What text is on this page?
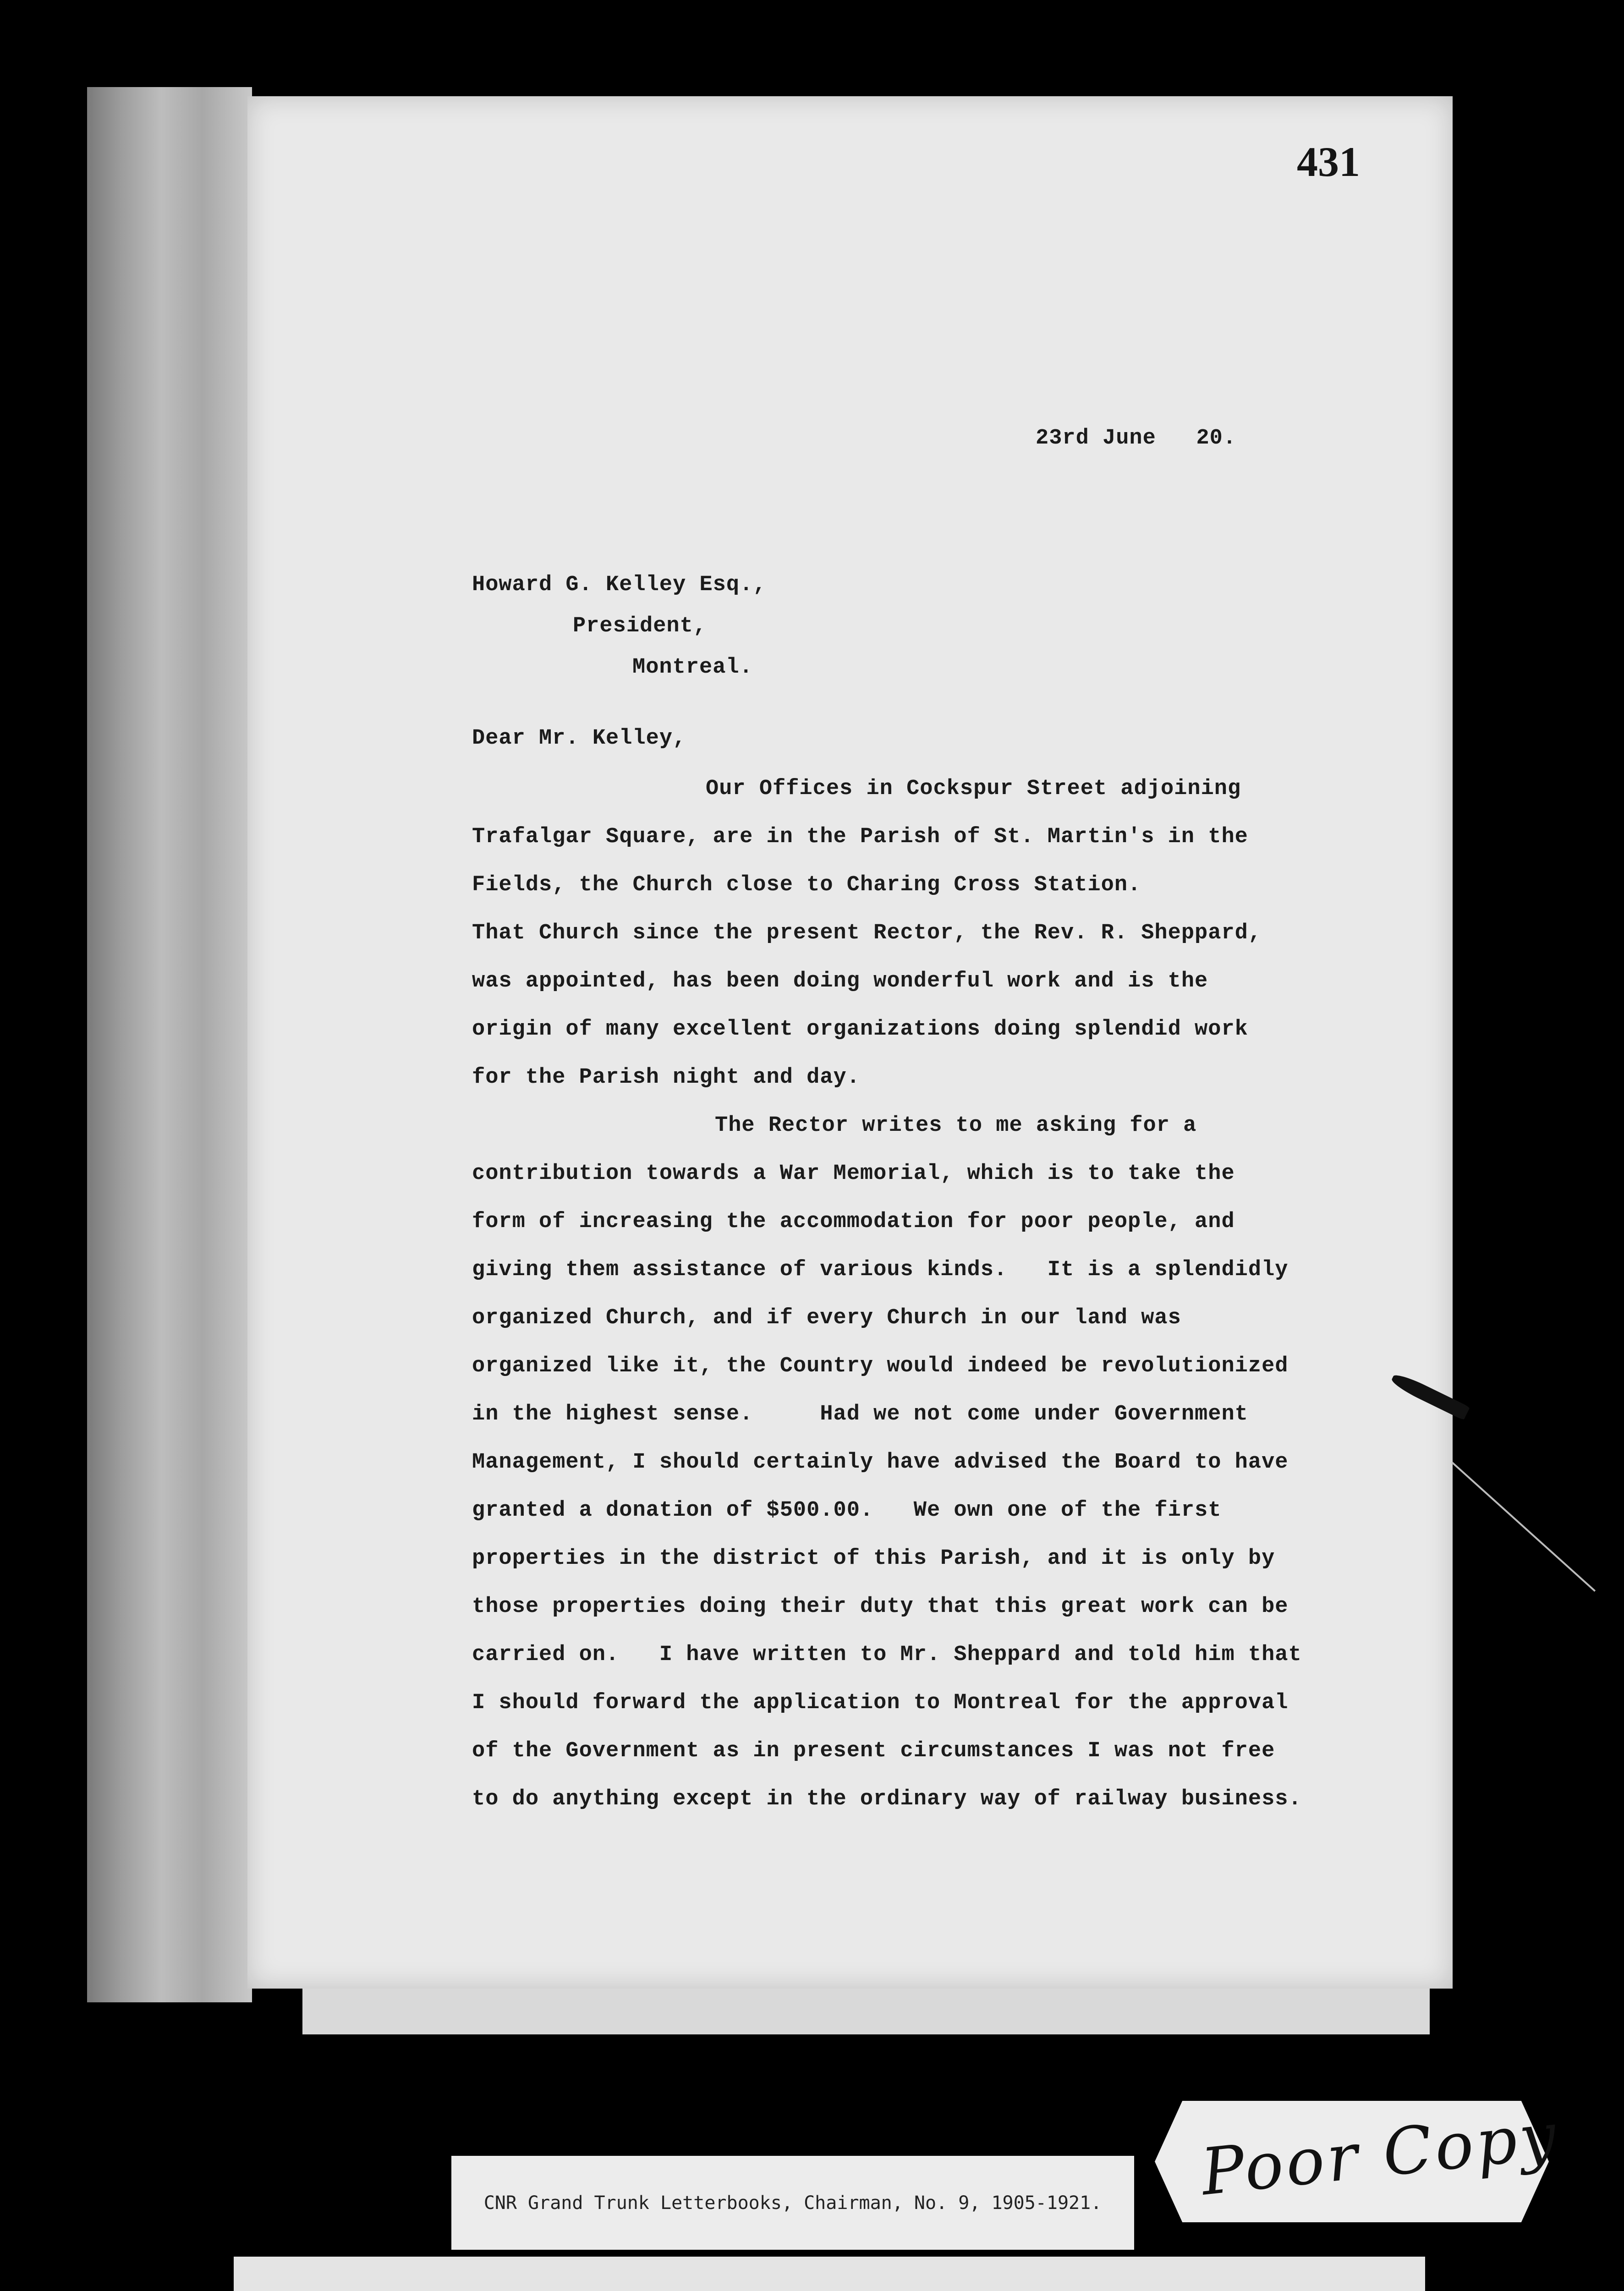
431
23rd June   20.
Howard G. Kelley Esq.,
President,
Montreal.
Dear Mr. Kelley,
Our Offices in Cockspur Street adjoining
Trafalgar Square, are in the Parish of St. Martin's in the
Fields, the Church close to Charing Cross Station.
That Church since the present Rector, the Rev. R. Sheppard,
was appointed, has been doing wonderful work and is the
origin of many excellent organizations doing splendid work
for the Parish night and day.
The Rector writes to me asking for a
contribution towards a War Memorial, which is to take the
form of increasing the accommodation for poor people, and
giving them assistance of various kinds.   It is a splendidly
organized Church, and if every Church in our land was
organized like it, the Country would indeed be revolutionized
in the highest sense.     Had we not come under Government
Management, I should certainly have advised the Board to have
granted a donation of $500.00.   We own one of the first
properties in the district of this Parish, and it is only by
those properties doing their duty that this great work can be
carried on.   I have written to Mr. Sheppard and told him that
I should forward the application to Montreal for the approval
of the Government as in present circumstances I was not free
to do anything except in the ordinary way of railway business.
CNR Grand Trunk Letterbooks, Chairman, No. 9, 1905-1921.	Poor Copy
